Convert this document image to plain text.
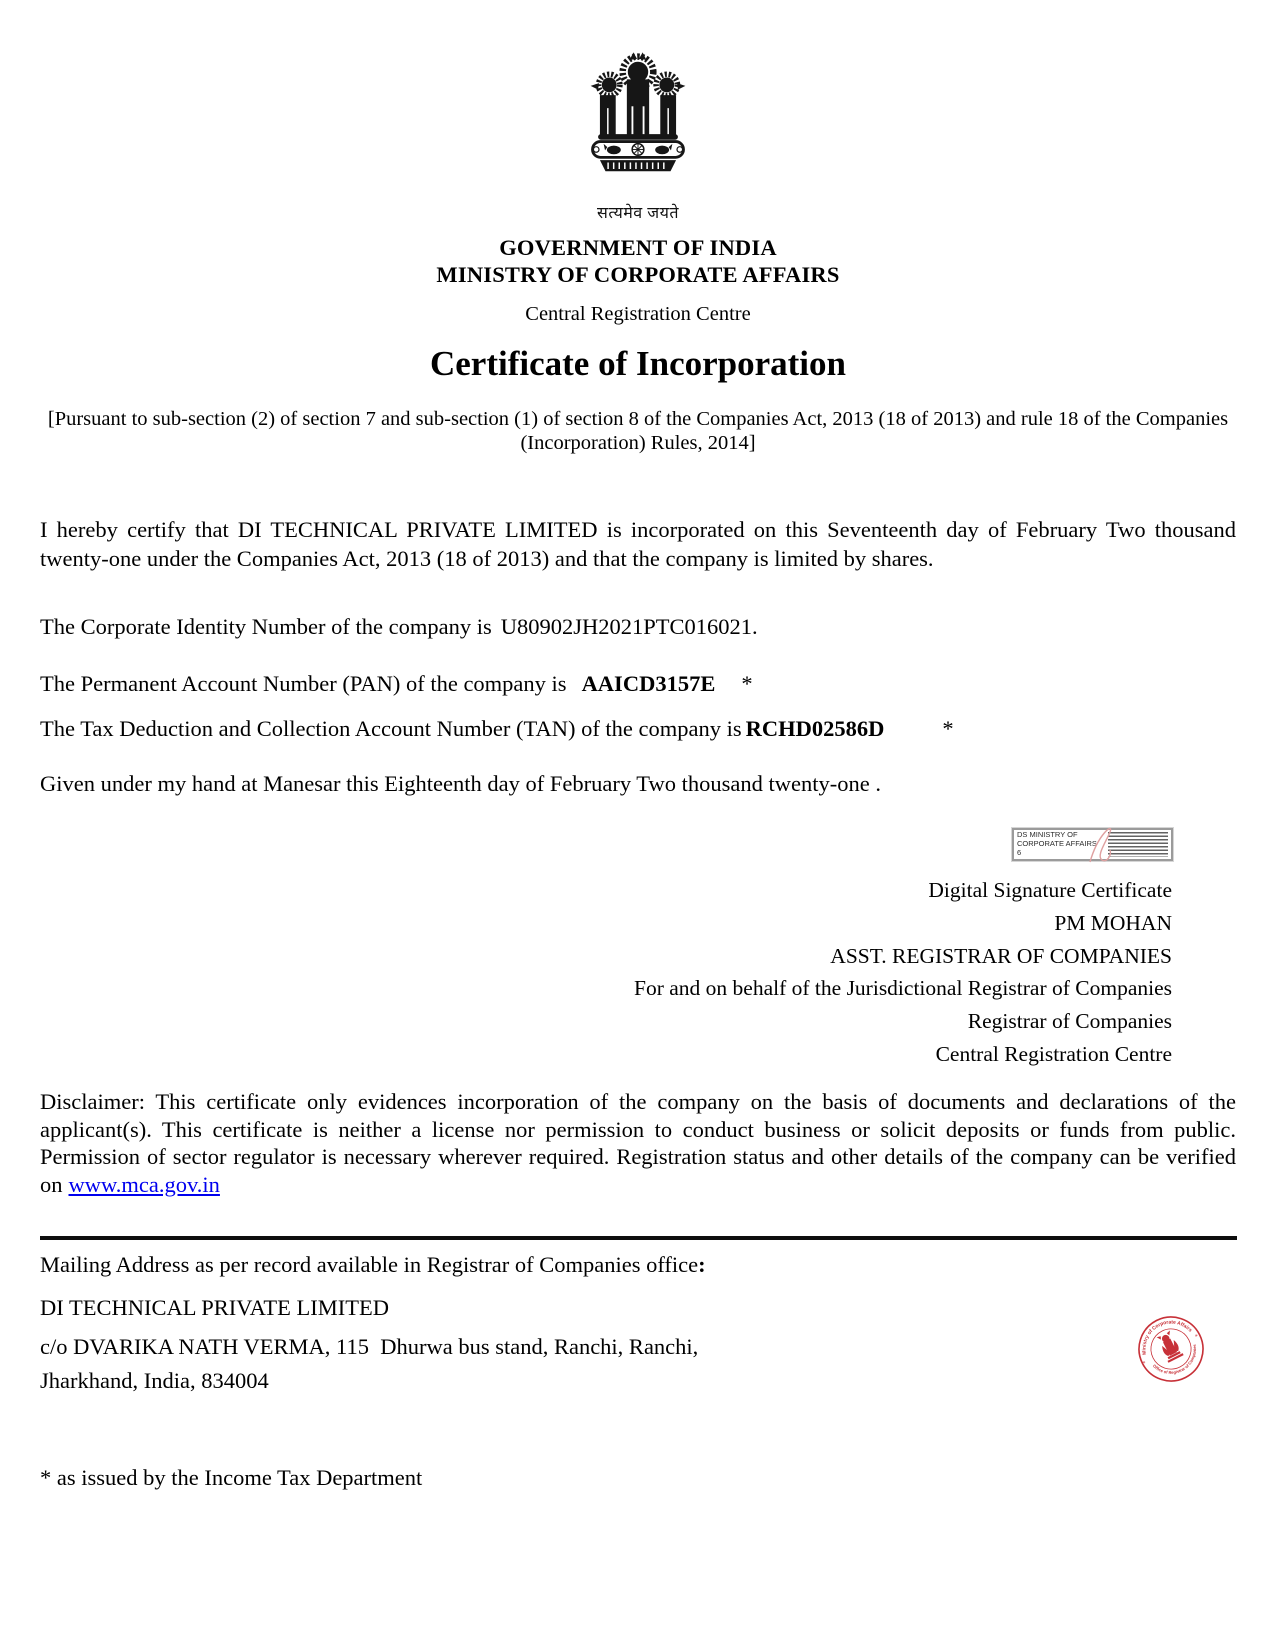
सत्यमेव जयते
GOVERNMENT OF INDIA
MINISTRY OF CORPORATE AFFAIRS
Central Registration Centre
Certificate of Incorporation
[Pursuant to sub-section (2) of section 7 and sub-section (1) of section 8 of the Companies Act, 2013 (18 of 2013) and rule 18 of the Companies (Incorporation) Rules, 2014]
I hereby certify that DI TECHNICAL PRIVATE LIMITED is incorporated on this Seventeenth day of February Two thousand twenty-one under the Companies Act, 2013 (18 of 2013) and that the company is limited by shares.
The Corporate Identity Number of the company is U80902JH2021PTC016021.
The Permanent Account Number (PAN) of the company is AAICD3157E *
The Tax Deduction and Collection Account Number (TAN) of the company is RCHD02586D	*
Given under my hand at Manesar this Eighteenth day of February Two thousand twenty-one .
DS MINISTRY OF CORPORATE AFFAIRS 6
Digital Signature Certificate
PM MOHAN
ASST. REGISTRAR OF COMPANIES
For and on behalf of the Jurisdictional Registrar of Companies
Registrar of Companies
Central Registration Centre
Disclaimer: This certificate only evidences incorporation of the company on the basis of documents and declarations of the applicant(s). This certificate is neither a license nor permission to conduct business or solicit deposits or funds from public. Permission of sector regulator is necessary wherever required. Registration status and other details of the company can be verified on www.mca.gov.in
Mailing Address as per record available in Registrar of Companies office:
DI TECHNICAL PRIVATE LIMITED
c/o DVARIKA NATH VERMA, 115  Dhurwa bus stand, Ranchi, Ranchi,
Jharkhand, India, 834004
Ministry of Corporate Affairs
Office of Registrar of Companies
*
*
* as issued by the Income Tax Department
